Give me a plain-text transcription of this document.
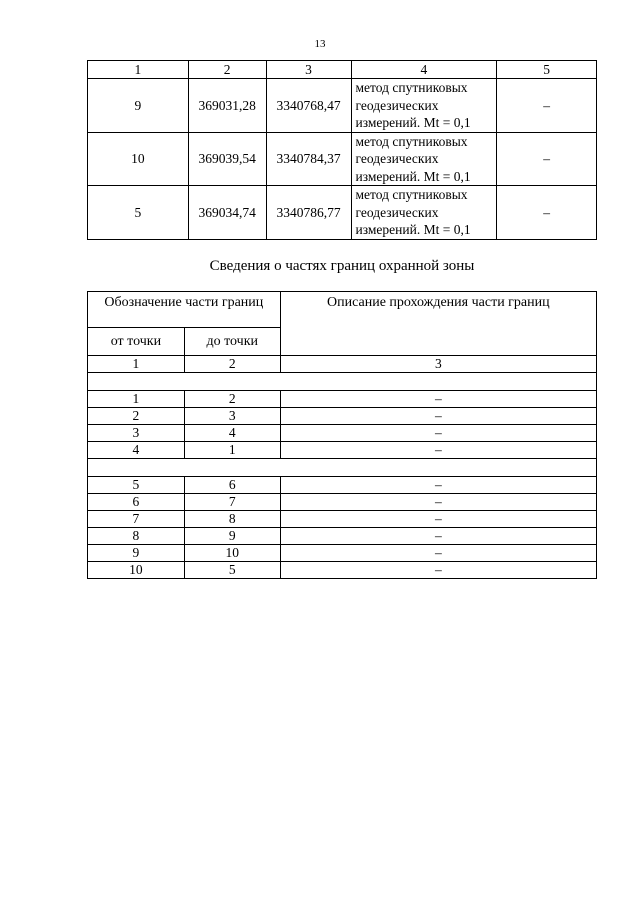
13
1	2	3	4	5
9	369031,28	3340768,47	метод спутниковых
геодезических
измерений. Mt = 0,1	–
10	369039,54	3340784,37	метод спутниковых
геодезических
измерений. Mt = 0,1	–
5	369034,74	3340786,77	метод спутниковых
геодезических
измерений. Mt = 0,1	–
Сведения о частях границ охранной зоны
Обозначение части границ		Описание прохождения части границ
от точки	до точки	
1	2	3

1	2	–
2	3	–
3	4	–
4	1	–

5	6	–
6	7	–
7	8	–
8	9	–
9	10	–
10	5	–
